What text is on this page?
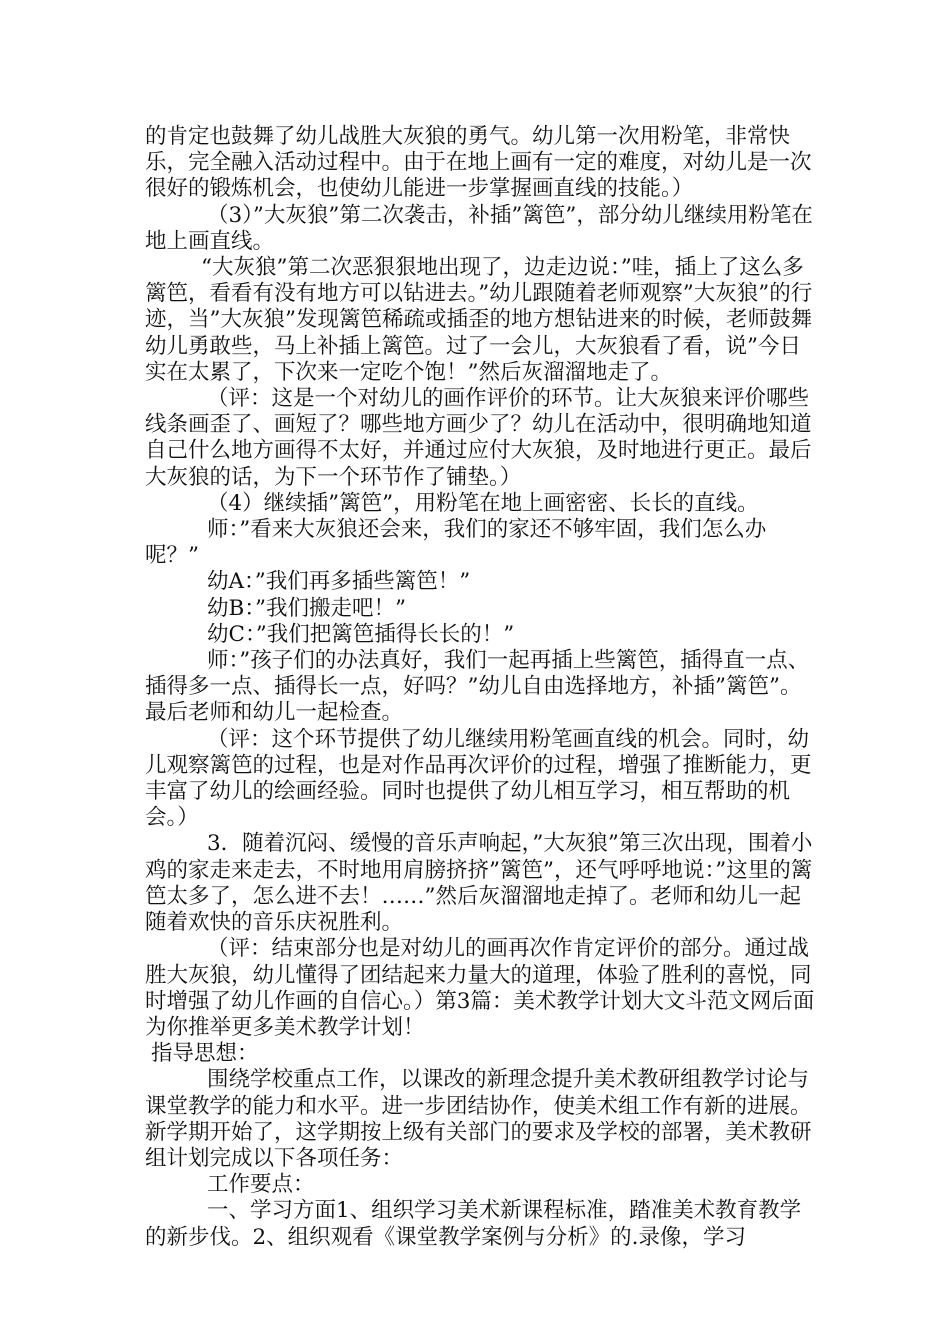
的肯定也鼓舞了幼儿战胜大灰狼的勇气。幼儿第一次用粉笔，非常快乐，完全融入活动过程中。由于在地上画有一定的难度，对幼儿是一次很好的锻炼机会，也使幼儿能进一步掌握画直线的技能。）

（3）”大灰狼”第二次袭击，补插”篱笆”，部分幼儿继续用粉笔在地上画直线。

“大灰狼”第二次恶狠狠地出现了，边走边说：”哇，插上了这么多篱笆，看看有没有地方可以钻进去。”幼儿跟随着老师观察”大灰狼”的行迹，当”大灰狼”发现篱笆稀疏或插歪的地方想钻进来的时候，老师鼓舞幼儿勇敢些，马上补插上篱笆。过了一会儿，大灰狼看了看，说”今日实在太累了，下次来一定吃个饱！”然后灰溜溜地走了。

（评：这是一个对幼儿的画作评价的环节。让大灰狼来评价哪些线条画歪了、画短了？哪些地方画少了？幼儿在活动中，很明确地知道自己什么地方画得不太好，并通过应付大灰狼，及时地进行更正。最后大灰狼的话，为下一个环节作了铺垫。）

（4）继续插”篱笆”，用粉笔在地上画密密、长长的直线。

师：”看来大灰狼还会来，我们的家还不够牢固，我们怎么办呢？”

幼A：”我们再多插些篱笆！”

幼B：”我们搬走吧！”

幼C：”我们把篱笆插得长长的！”

师：”孩子们的办法真好，我们一起再插上些篱笆，插得直一点、插得多一点、插得长一点，好吗？”幼儿自由选择地方，补插”篱笆”。最后老师和幼儿一起检查。

（评：这个环节提供了幼儿继续用粉笔画直线的机会。同时，幼儿观察篱笆的过程，也是对作品再次评价的过程，增强了推断能力，更丰富了幼儿的绘画经验。同时也提供了幼儿相互学习，相互帮助的机会。）

3．随着沉闷、缓慢的音乐声响起，”大灰狼”第三次出现，围着小鸡的家走来走去，不时地用肩膀挤挤”篱笆”，还气呼呼地说：”这里的篱笆太多了，怎么进不去！……”然后灰溜溜地走掉了。老师和幼儿一起随着欢快的音乐庆祝胜利。

（评：结束部分也是对幼儿的画再次作肯定评价的部分。通过战胜大灰狼，幼儿懂得了团结起来力量大的道理，体验了胜利的喜悦，同时增强了幼儿作画的自信心。）第3篇：美术教学计划大文斗范文网后面为你推举更多美术教学计划！

指导思想：

围绕学校重点工作，以课改的新理念提升美术教研组教学讨论与课堂教学的能力和水平。进一步团结协作，使美术组工作有新的进展。新学期开始了，这学期按上级有关部门的要求及学校的部署，美术教研组计划完成以下各项任务：

工作要点：

一、学习方面1、组织学习美术新课程标准，踏准美术教育教学的新步伐。2、组织观看《课堂教学案例与分析》的.录像，学习
